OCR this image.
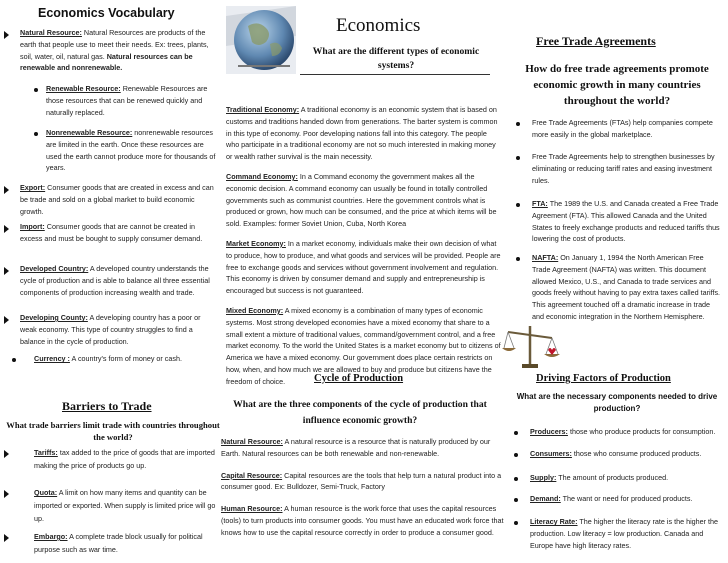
Economics Vocabulary
Natural Resource: Natural Resources are products of the earth that people use to meet their needs. Ex: trees, plants, soil, water, oil, natural gas. Natural resources can be renewable and nonrenewable.
Renewable Resource: Renewable Resources are those resources that can be renewed quickly and naturally replaced.
Nonrenewable Resource: nonrenewable resources are limited in the earth. Once these resources are used the earth cannot produce more for thousands of years.
Export: Consumer goods that are created in excess and can be trade and sold on a global market to build economic growth.
Import: Consumer goods that are cannot be created in excess and must be bought to supply consumer demand.
Developed Country: A developed country understands the cycle of production and is able to balance all three essential components of production increasing wealth and trade.
Developing County: A developing country has a poor or weak economy. This type of country struggles to find a balance in the cycle of production.
Currency : A country's form of money or cash.
Economics
What are the different types of economic systems?
Traditional Economy: A traditional economy is an economic system that is based on customs and traditions handed down from generations. The barter system is common in this type of economy. Poor developing nations fall into this category. The people who participate in a traditional economy are not so much interested in making money or wealth rather survival is the main necessity.
Command Economy: In a Command economy the government makes all the economic decision. A command economy can usually be found in totally controlled governments such as communist countries. Here the government controls what is produced or grown, how much can be consumed, and the price at which items will be sold. Examples: former Soviet Union, Cuba, North Korea
Market Economy: In a market economy, individuals make their own decision of what to produce, how to produce, and what goods and services will be provided. People are free to exchange goods and services without government involvement and regulation. This economy is driven by consumer demand and supply and entrepreneurship is encouraged but success is not guaranteed.
Mixed Economy: A mixed economy is a combination of many types of economic systems. Most strong developed economies have a mixed economy that share to a small extent a mixture of traditional values, command/government control, and a free market economy. To the world the United States is a market economy but to citizens of America we have a mixed economy. Our government does place certain restricts on how, when, and how much we are allowed to buy and produce but citizens have the freedom of choice.
Free Trade Agreements
How do free trade agreements promote economic growth in many countries throughout the world?
Free Trade Agreements (FTAs) help companies compete more easily in the global marketplace.
Free Trade Agreements help to strengthen businesses by eliminating or reducing tariff rates and easing investment rules.
FTA: The 1989 the U.S. and Canada created a Free Trade Agreement (FTA). This allowed Canada and the United States to freely exchange products and reduced tariffs thus lowering the cost of products.
NAFTA: On January 1, 1994 the North American Free Trade Agreement (NAFTA) was written. This document allowed Mexico, U.S., and Canada to trade services and goods freely without having to pay extra taxes called tariffs. This agreement touched off a dramatic increase in trade and economic integration in the Northern Hemisphere.
Barriers to Trade
What trade barriers limit trade with countries throughout the world?
Tariffs: tax added to the price of goods that are imported making the price of products go up.
Quota: A limit on how many items and quantity can be imported or exported. When supply is limited price will go up.
Embargo: A complete trade block usually for political purpose such as war time.
Cycle of Production
What are the three components of the cycle of production that influence economic growth?
Natural Resource: A natural resource is a resource that is naturally produced by our Earth. Natural resources can be both renewable and non-renewable.
Capital Resource: Capital resources are the tools that help turn a natural product into a consumer good. Ex: Bulldozer, Semi-Truck, Factory
Human Resource: A human resource is the work force that uses the capital resources (tools) to turn products into consumer goods. You must have an educated work force that knows how to use the capital resource correctly in order to produce a consumer good.
Driving Factors of Production
What are the necessary components needed to drive production?
Producers: those who produce products for consumption.
Consumers: those who consume produced products.
Supply: The amount of products produced.
Demand: The want or need for produced products.
Literacy Rate: The higher the literacy rate is the higher the production. Low literacy = low production. Canada and Europe have high literacy rates.
